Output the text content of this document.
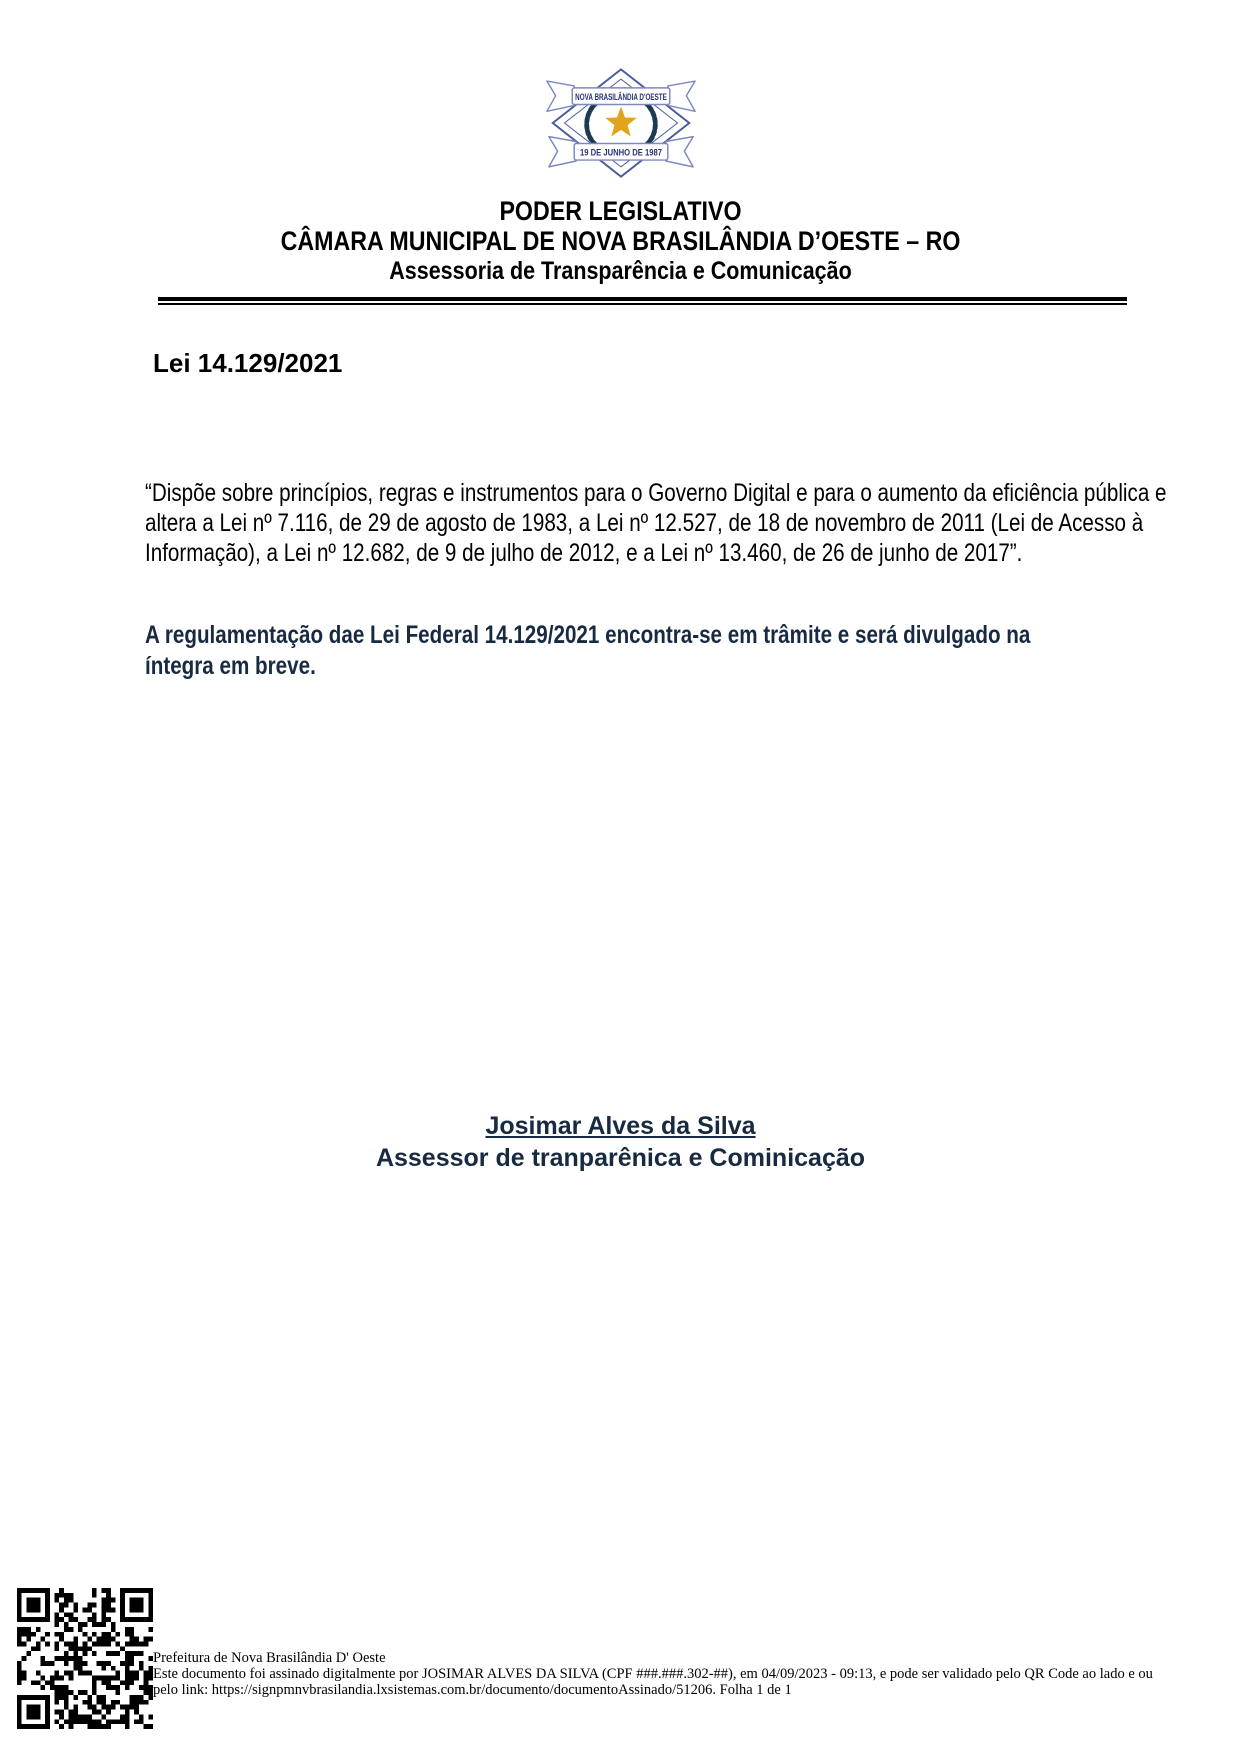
NOVA BRASILÂNDIA D'OESTE
19 DE JUNHO DE 1987
PODER LEGISLATIVO
CÂMARA MUNICIPAL DE NOVA BRASILÂNDIA D’OESTE – RO
Assessoria de Transparência e Comunicação
Lei 14.129/2021
“Dispõe sobre princípios, regras e instrumentos para o Governo Digital e para o aumento da eficiência pública e altera a Lei nº 7.116, de 29 de agosto de 1983, a Lei nº 12.527, de 18 de novembro de 2011 (Lei de Acesso à Informação), a Lei nº 12.682, de 9 de julho de 2012, e a Lei nº 13.460, de 26 de junho de 2017”.
A regulamentação dae Lei Federal 14.129/2021 encontra-se em trâmite e será divulgado na íntegra em breve.
Josimar Alves da Silva
Assessor de tranparênica e Cominicação
Prefeitura de Nova Brasilândia D' Oeste
Este documento foi assinado digitalmente por JOSIMAR ALVES DA SILVA (CPF ###.###.302-##), em 04/09/2023 - 09:13, e pode ser validado pelo QR Code ao lado e ou
pelo link: https://signpmnvbrasilandia.lxsistemas.com.br/documento/documentoAssinado/51206. Folha 1 de 1
